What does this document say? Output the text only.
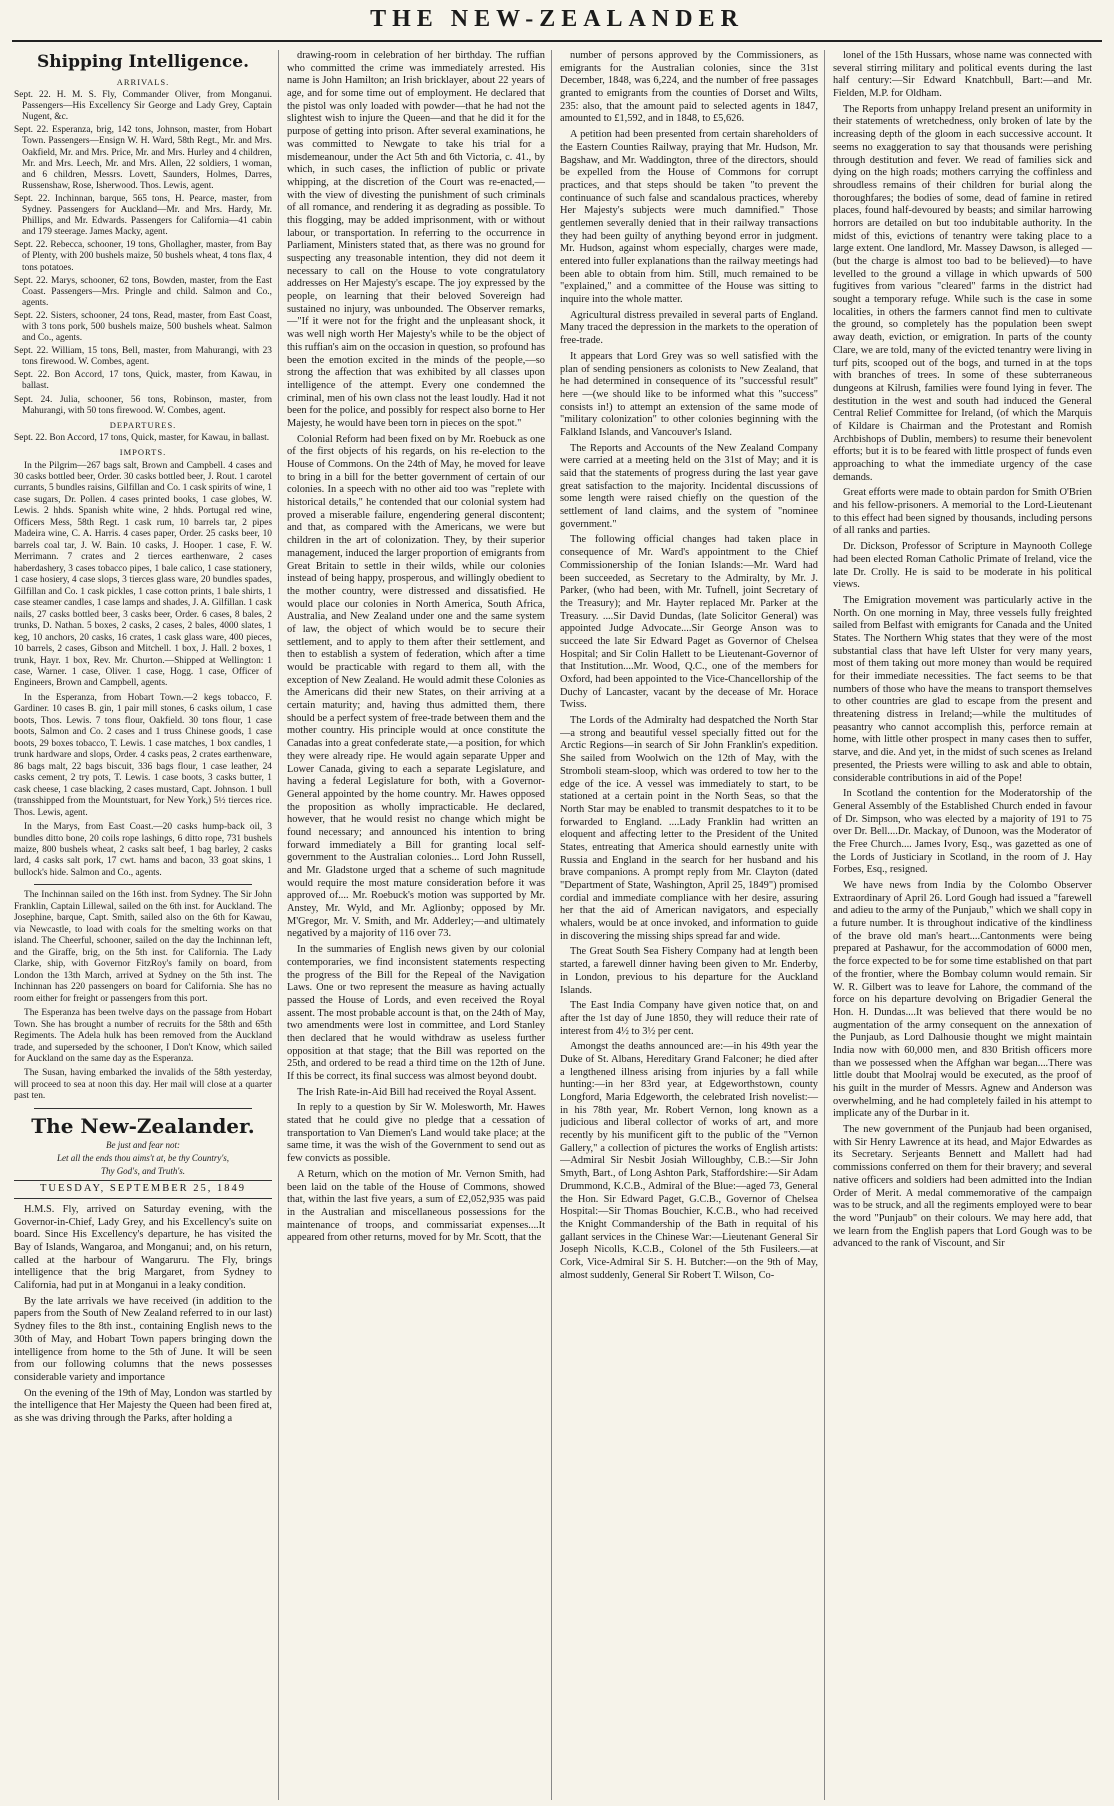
THE NEW-ZEALANDER
Shipping Intelligence.
ARRIVALS.

Sept. 22. H. M. S. Fly, Commander Oliver, from Monganui. Passengers—His Excellency Sir George and Lady Grey, Captain Nugent, &c.

Sept. 22. Esperanza, brig, 142 tons, Johnson, master, from Hobart Town. Passengers—Ensign W. H. Ward, 58th Regt., Mr. and Mrs. Oakfield, Mr. and Mrs. Price, Mr. and Mrs. Hurley and 4 children, Mr. and Mrs. Leech, Mr. and Mrs. Allen, 22 soldiers, 1 woman, and 6 children, Messrs. Lovett, Saunders, Holmes, Darres, Russenshaw, Rose, Isherwood. Thos. Lewis, agent.

Sept. 22. Inchinnan, barque, 565 tons, H. Pearce, master, from Sydney. Passengers for Auckland—Mr. and Mrs. Hardy, Mr. Phillips, and Mr. Edwards. Passengers for California—41 cabin and 179 steerage. James Macky, agent.

Sept. 22. Rebecca, schooner, 19 tons, Ghollagher, master, from Bay of Plenty, with 200 bushels maize, 50 bushels wheat, 4 tons flax, 4 tons potatoes.

Sept. 22. Marys, schooner, 62 tons, Bowden, master, from the East Coast. Passengers—Mrs. Pringle and child. Salmon and Co., agents.

Sept. 22. Sisters, schooner, 24 tons, Read, master, from East Coast, with 3 tons pork, 500 bushels maize, 500 bushels wheat. Salmon and Co., agents.

Sept. 22. William, 15 tons, Bell, master, from Mahurangi, with 23 tons firewood. W. Combes, agent.

Sept. 22. Bon Accord, 17 tons, Quick, master, from Kawau, in ballast.

Sept. 24. Julia, schooner, 56 tons, Robinson, master, from Mahurangi, with 50 tons firewood. W. Combes, agent.

DEPARTURES.

Sept. 22. Bon Accord, 17 tons, Quick, master, for Kawau, in ballast.

IMPORTS.

In the Pilgrim—267 bags salt, Brown and Campbell. 4 cases and 30 casks bottled beer, Order. 30 casks bottled beer, J. Rout. 1 carotel currants, 5 bundles raisins, Gilfillan and Co. 1 cask spirits of wine, 1 case sugars, Dr. Pollen. 4 cases printed books, 1 case globes, W. Lewis. 2 hhds. Spanish white wine, 2 hhds. Portugal red wine, Officers Mess, 58th Regt. 1 cask rum, 10 barrels tar, 2 pipes Madeira wine, C. A. Harris. 4 cases paper, Order. 25 casks beer, 10 barrels coal tar, J. W. Bain. 10 casks, J. Hooper. 1 case, F. W. Merrimann. 7 crates and 2 tierces earthenware, 2 cases haberdashery, 3 cases tobacco pipes, 1 bale calico, 1 case stationery, 1 case hosiery, 4 case slops, 3 tierces glass ware, 20 bundles spades, Gilfillan and Co. 1 cask pickles, 1 case cotton prints, 1 bale shirts, 1 case steamer candles, 1 case lamps and shades, J. A. Gilfillan. 1 cask nails, 27 casks bottled beer, 3 casks beer, Order. 6 cases, 8 bales, 2 trunks, D. Nathan. 5 boxes, 2 casks, 2 cases, 2 bales, 4000 slates, 1 keg, 10 anchors, 20 casks, 16 crates, 1 cask glass ware, 400 pieces, 10 barrels, 2 cases, Gibson and Mitchell. 1 box, J. Hall. 2 boxes, 1 trunk, Hayr. 1 box, Rev. Mr. Churton.—Shipped at Wellington: 1 case, Warner. 1 case, Oliver. 1 case, Hogg. 1 case, Officer of Engineers, Brown and Campbell, agents.

In the Esperanza, from Hobart Town.—2 kegs tobacco, F. Gardiner. 10 cases B. gin, 1 pair mill stones, 6 casks oilum, 1 case boots, Thos. Lewis. 7 tons flour, Oakfield. 30 tons flour, 1 case boots, Salmon and Co. 2 cases and 1 truss Chinese goods, 1 case boots, 29 boxes tobacco, T. Lewis. 1 case matches, 1 box candles, 1 trunk hardware and slops, Order. 4 casks peas, 2 crates earthenware, 86 bags malt, 22 bags biscuit, 336 bags flour, 1 case leather, 24 casks cement, 2 try pots, T. Lewis. 1 case boots, 3 casks butter, 1 cask cheese, 1 case blacking, 2 cases mustard, Capt. Johnson. 1 bull (transshipped from the Mountstuart, for New York,) 5½ tierces rice. Thos. Lewis, agent.

In the Marys, from East Coast.—20 casks hump-back oil, 3 bundles ditto bone, 20 coils rope lashings, 6 ditto rope, 731 bushels maize, 800 bushels wheat, 2 casks salt beef, 1 bag barley, 2 casks lard, 4 casks salt pork, 17 cwt. hams and bacon, 33 goat skins, 1 bullock's hide. Salmon and Co., agents.

The Inchinnan sailed on the 16th inst. from Sydney. The Sir John Franklin, Captain Lillewal, sailed on the 6th inst. for Auckland. The Josephine, barque, Capt. Smith, sailed also on the 6th for Kawau, via Newcastle, to load with coals for the smelting works on that island. The Cheerful, schooner, sailed on the day the Inchinnan left, and the Giraffe, brig, on the 5th inst. for California. The Lady Clarke, ship, with Governor FitzRoy's family on board, from London the 13th March, arrived at Sydney on the 5th inst. The Inchinnan has 220 passengers on board for California. She has no room either for freight or passengers from this port.

The Esperanza has been twelve days on the passage from Hobart Town. She has brought a number of recruits for the 58th and 65th Regiments. The Adela hulk has been removed from the Auckland trade, and superseded by the schooner, I Don't Know, which sailed for Auckland on the same day as the Esperanza.

The Susan, having embarked the invalids of the 58th yesterday, will proceed to sea at noon this day. Her mail will close at a quarter past ten.

The New-Zealander.
Be just and fear not:
Let all the ends thou aims't at, be thy Country's,
Thy God's, and Truth's.
TUESDAY, SEPTEMBER 25, 1849

H.M.S. Fly, arrived on Saturday evening, with the Governor-in-Chief, Lady Grey, and his Excellency's suite on board. Since His Excellency's departure, he has visited the Bay of Islands, Wangaroa, and Monganui; and, on his return, called at the harbour of Wangaruru. The Fly, brings intelligence that the brig Margaret, from Sydney to California, had put in at Monganui in a leaky condition.

By the late arrivals we have received (in addition to the papers from the South of New Zealand referred to in our last) Sydney files to the 8th inst., containing English news to the 30th of May, and Hobart Town papers bringing down the intelligence from home to the 5th of June. It will be seen from our following columns that the news possesses considerable variety and importance

On the evening of the 19th of May, London was startled by the intelligence that Her Majesty the Queen had been fired at, as she was driving through the Parks, after holding a

drawing-room in celebration of her birthday. The ruffian who committed the crime was immediately arrested. His name is John Hamilton; an Irish bricklayer, about 22 years of age, and for some time out of employment. He declared that the pistol was only loaded with powder—that he had not the slightest wish to injure the Queen—and that he did it for the purpose of getting into prison. After several examinations, he was committed to Newgate to take his trial for a misdemeanour, under the Act 5th and 6th Victoria, c. 41., by which, in such cases, the infliction of public or private whipping, at the discretion of the Court was re-enacted,—with the view of divesting the punishment of such criminals of all romance, and rendering it as degrading as possible. To this flogging, may be added imprisonment, with or without labour, or transportation. In referring to the occurrence in Parliament, Ministers stated that, as there was no ground for suspecting any treasonable intention, they did not deem it necessary to call on the House to vote congratulatory addresses on Her Majesty's escape. The joy expressed by the people, on learning that their beloved Sovereign had sustained no injury, was unbounded. The Observer remarks,—"If it were not for the fright and the unpleasant shock, it was well nigh worth Her Majesty's while to be the object of this ruffian's aim on the occasion in question, so profound has been the emotion excited in the minds of the people,—so strong the affection that was exhibited by all classes upon intelligence of the attempt. Every one condemned the criminal, men of his own class not the least loudly. Had it not been for the police, and possibly for respect also borne to Her Majesty, he would have been torn in pieces on the spot."

Colonial Reform had been fixed on by Mr. Roebuck as one of the first objects of his regards, on his re-election to the House of Commons. On the 24th of May, he moved for leave to bring in a bill for the better government of certain of our colonies. In a speech with no other aid too was "replete with historical details," he contended that our colonial system had proved a miserable failure, engendering general discontent; and that, as compared with the Americans, we were but children in the art of colonization. They, by their superior management, induced the larger proportion of emigrants from Great Britain to settle in their wilds, while our colonies instead of being happy, prosperous, and willingly obedient to the mother country, were distressed and dissatisfied. He would place our colonies in North America, South Africa, Australia, and New Zealand under one and the same system of law, the object of which would be to secure their settlement, and to apply to them after their settlement, and then to establish a system of federation, which after a time would be practicable with regard to them all, with the exception of New Zealand. He would admit these Colonies as the Americans did their new States, on their arriving at a certain maturity; and, having thus admitted them, there should be a perfect system of free-trade between them and the mother country. His principle would at once constitute the Canadas into a great confederate state,—a position, for which they were already ripe. He would again separate Upper and Lower Canada, giving to each a separate Legislature, and having a federal Legislature for both, with a Governor-General appointed by the home country. Mr. Hawes opposed the proposition as wholly impracticable. He declared, however, that he would resist no change which might be found necessary; and announced his intention to bring forward immediately a Bill for granting local self-government to the Australian colonies... Lord John Russell, and Mr. Gladstone urged that a scheme of such magnitude would require the most mature consideration before it was approved of.... Mr. Roebuck's motion was supported by Mr. Anstey, Mr. Wyld, and Mr. Aglionby; opposed by Mr. M'Gregor, Mr. V. Smith, and Mr. Adderley;—and ultimately negatived by a majority of 116 over 73.

In the summaries of English news given by our colonial contemporaries, we find inconsistent statements respecting the progress of the Bill for the Repeal of the Navigation Laws. One or two represent the measure as having actually passed the House of Lords, and even received the Royal assent. The most probable account is that, on the 24th of May, two amendments were lost in committee, and Lord Stanley then declared that he would withdraw as useless further opposition at that stage; that the Bill was reported on the 25th, and ordered to be read a third time on the 12th of June. If this be correct, its final success was almost beyond doubt.

The Irish Rate-in-Aid Bill had received the Royal Assent.

In reply to a question by Sir W. Molesworth, Mr. Hawes stated that he could give no pledge that a cessation of transportation to Van Diemen's Land would take place; at the same time, it was the wish of the Government to send out as few convicts as possible.

A Return, which on the motion of Mr. Vernon Smith, had been laid on the table of the House of Commons, showed that, within the last five years, a sum of £2,052,935 was paid in the Australian and miscellaneous possessions for the maintenance of troops, and commissariat expenses....It appeared from other returns, moved for by Mr. Scott, that the

number of persons approved by the Commissioners, as emigrants for the Australian colonies, since the 31st December, 1848, was 6,224, and the number of free passages granted to emigrants from the counties of Dorset and Wilts, 235: also, that the amount paid to selected agents in 1847, amounted to £1,592, and in 1848, to £5,626.

A petition had been presented from certain shareholders of the Eastern Counties Railway, praying that Mr. Hudson, Mr. Bagshaw, and Mr. Waddington, three of the directors, should be expelled from the House of Commons for corrupt practices, and that steps should be taken "to prevent the continuance of such false and scandalous practices, whereby Her Majesty's subjects were much damnified." Those gentlemen severally denied that in their railway transactions they had been guilty of anything beyond error in judgment. Mr. Hudson, against whom especially, charges were made, entered into fuller explanations than the railway meetings had been able to obtain from him. Still, much remained to be "explained," and a committee of the House was sitting to inquire into the whole matter.

Agricultural distress prevailed in several parts of England. Many traced the depression in the markets to the operation of free-trade.

It appears that Lord Grey was so well satisfied with the plan of sending pensioners as colonists to New Zealand, that he had determined in consequence of its "successful result" here —(we should like to be informed what this "success" consists in!) to attempt an extension of the same mode of "military colonization" to other colonies beginning with the Falkland Islands, and Vancouver's Island.

The Reports and Accounts of the New Zealand Company were carried at a meeting held on the 31st of May; and it is said that the statements of progress during the last year gave great satisfaction to the majority. Incidental discussions of some length were raised chiefly on the question of the settlement of land claims, and the system of "nominee government."

The following official changes had taken place in consequence of Mr. Ward's appointment to the Chief Commissionership of the Ionian Islands:—Mr. Ward had been succeeded, as Secretary to the Admiralty, by Mr. J. Parker, (who had been, with Mr. Tufnell, joint Secretary of the Treasury); and Mr. Hayter replaced Mr. Parker at the Treasury. ....Sir David Dundas, (late Solicitor General) was appointed Judge Advocate....Sir George Anson was to succeed the late Sir Edward Paget as Governor of Chelsea Hospital; and Sir Colin Hallett to be Lieutenant-Governor of that Institution....Mr. Wood, Q.C., one of the members for Oxford, had been appointed to the Vice-Chancellorship of the Duchy of Lancaster, vacant by the decease of Mr. Horace Twiss.

The Lords of the Admiralty had despatched the North Star—a strong and beautiful vessel specially fitted out for the Arctic Regions—in search of Sir John Franklin's expedition. She sailed from Woolwich on the 12th of May, with the Stromboli steam-sloop, which was ordered to tow her to the edge of the ice. A vessel was immediately to start, to be stationed at a certain point in the North Seas, so that the North Star may be enabled to transmit despatches to it to be forwarded to England. ....Lady Franklin had written an eloquent and affecting letter to the President of the United States, entreating that America should earnestly unite with Russia and England in the search for her husband and his brave companions. A prompt reply from Mr. Clayton (dated "Department of State, Washington, April 25, 1849") promised cordial and immediate compliance with her desire, assuring her that the aid of American navigators, and especially whalers, would be at once invoked, and information to guide in discovering the missing ships spread far and wide.

The Great South Sea Fishery Company had at length been started, a farewell dinner having been given to Mr. Enderby, in London, previous to his departure for the Auckland Islands.

The East India Company have given notice that, on and after the 1st day of June 1850, they will reduce their rate of interest from 4½ to 3½ per cent.

Amongst the deaths announced are:—in his 49th year the Duke of St. Albans, Hereditary Grand Falconer; he died after a lengthened illness arising from injuries by a fall while hunting:—in her 83rd year, at Edgeworthstown, county Longford, Maria Edgeworth, the celebrated Irish novelist:—in his 78th year, Mr. Robert Vernon, long known as a judicious and liberal collector of works of art, and more recently by his munificent gift to the public of the "Vernon Gallery," a collection of pictures the works of English artists:—Admiral Sir Nesbit Josiah Willoughby, C.B.:—Sir John Smyth, Bart., of Long Ashton Park, Staffordshire:—Sir Adam Drummond, K.C.B., Admiral of the Blue:—aged 73, General the Hon. Sir Edward Paget, G.C.B., Governor of Chelsea Hospital:—Sir Thomas Bouchier, K.C.B., who had received the Knight Commandership of the Bath in requital of his gallant services in the Chinese War:—Lieutenant General Sir Joseph Nicolls, K.C.B., Colonel of the 5th Fusileers.—at Cork, Vice-Admiral Sir S. H. Butcher:—on the 9th of May, almost suddenly, General Sir Robert T. Wilson, Co-

lonel of the 15th Hussars, whose name was connected with several stirring military and political events during the last half century:—Sir Edward Knatchbull, Bart:—and Mr. Fielden, M.P. for Oldham.

The Reports from unhappy Ireland present an uniformity in their statements of wretchedness, only broken of late by the increasing depth of the gloom in each successive account. It seems no exaggeration to say that thousands were perishing through destitution and fever. We read of families sick and dying on the high roads; mothers carrying the coffinless and shroudless remains of their children for burial along the thoroughfares; the bodies of some, dead of famine in retired places, found half-devoured by beasts; and similar harrowing horrors are detailed on but too indubitable authority. In the midst of this, evictions of tenantry were taking place to a large extent. One landlord, Mr. Massey Dawson, is alleged —(but the charge is almost too bad to be believed)—to have levelled to the ground a village in which upwards of 500 fugitives from various "cleared" farms in the district had sought a temporary refuge. While such is the case in some localities, in others the farmers cannot find men to cultivate the ground, so completely has the population been swept away death, eviction, or emigration. In parts of the county Clare, we are told, many of the evicted tenantry were living in turf pits, scooped out of the bogs, and turned in at the tops with branches of trees. In some of these subterraneous dungeons at Kilrush, families were found lying in fever. The destitution in the west and south had induced the General Central Relief Committee for Ireland, (of which the Marquis of Kildare is Chairman and the Protestant and Romish Archbishops of Dublin, members) to resume their benevolent efforts; but it is to be feared with little prospect of funds even approaching to what the immediate urgency of the case demands.

Great efforts were made to obtain pardon for Smith O'Brien and his fellow-prisoners. A memorial to the Lord-Lieutenant to this effect had been signed by thousands, including persons of all ranks and parties.

Dr. Dickson, Professor of Scripture in Maynooth College had been elected Roman Catholic Primate of Ireland, vice the late Dr. Crolly. He is said to be moderate in his political views.

The Emigration movement was particularly active in the North. On one morning in May, three vessels fully freighted sailed from Belfast with emigrants for Canada and the United States. The Northern Whig states that they were of the most substantial class that have left Ulster for very many years, most of them taking out more money than would be required for their immediate necessities. The fact seems to be that numbers of those who have the means to transport themselves to other countries are glad to escape from the present and threatening distress in Ireland;—while the multitudes of peasantry who cannot accomplish this, perforce remain at home, with little other prospect in many cases then to suffer, starve, and die. And yet, in the midst of such scenes as Ireland presented, the Priests were willing to ask and able to obtain, considerable contributions in aid of the Pope!

In Scotland the contention for the Moderatorship of the General Assembly of the Established Church ended in favour of Dr. Simpson, who was elected by a majority of 191 to 75 over Dr. Bell....Dr. Mackay, of Dunoon, was the Moderator of the Free Church.... James Ivory, Esq., was gazetted as one of the Lords of Justiciary in Scotland, in the room of J. Hay Forbes, Esq., resigned.

We have news from India by the Colombo Observer Extraordinary of April 26. Lord Gough had issued a "farewell and adieu to the army of the Punjaub," which we shall copy in a future number. It is throughout indicative of the kindliness of the brave old man's heart....Cantonments were being prepared at Pashawur, for the accommodation of 6000 men, the force expected to be for some time established on that part of the frontier, where the Bombay column would remain. Sir W. R. Gilbert was to leave for Lahore, the command of the force on his departure devolving on Brigadier General the Hon. H. Dundas....It was believed that there would be no augmentation of the army consequent on the annexation of the Punjaub, as Lord Dalhousie thought we might maintain India now with 60,000 men, and 830 British officers more than we possessed when the Affghan war began....There was little doubt that Moolraj would be executed, as the proof of his guilt in the murder of Messrs. Agnew and Anderson was overwhelming, and he had completely failed in his attempt to implicate any of the Durbar in it.

The new government of the Punjaub had been organised, with Sir Henry Lawrence at its head, and Major Edwardes as its Secretary. Serjeants Bennett and Mallett had had commissions conferred on them for their bravery; and several native officers and soldiers had been admitted into the Indian Order of Merit. A medal commemorative of the campaign was to be struck, and all the regiments employed were to bear the word "Punjaub" on their colours. We may here add, that we learn from the English papers that Lord Gough was to be advanced to the rank of Viscount, and Sir
